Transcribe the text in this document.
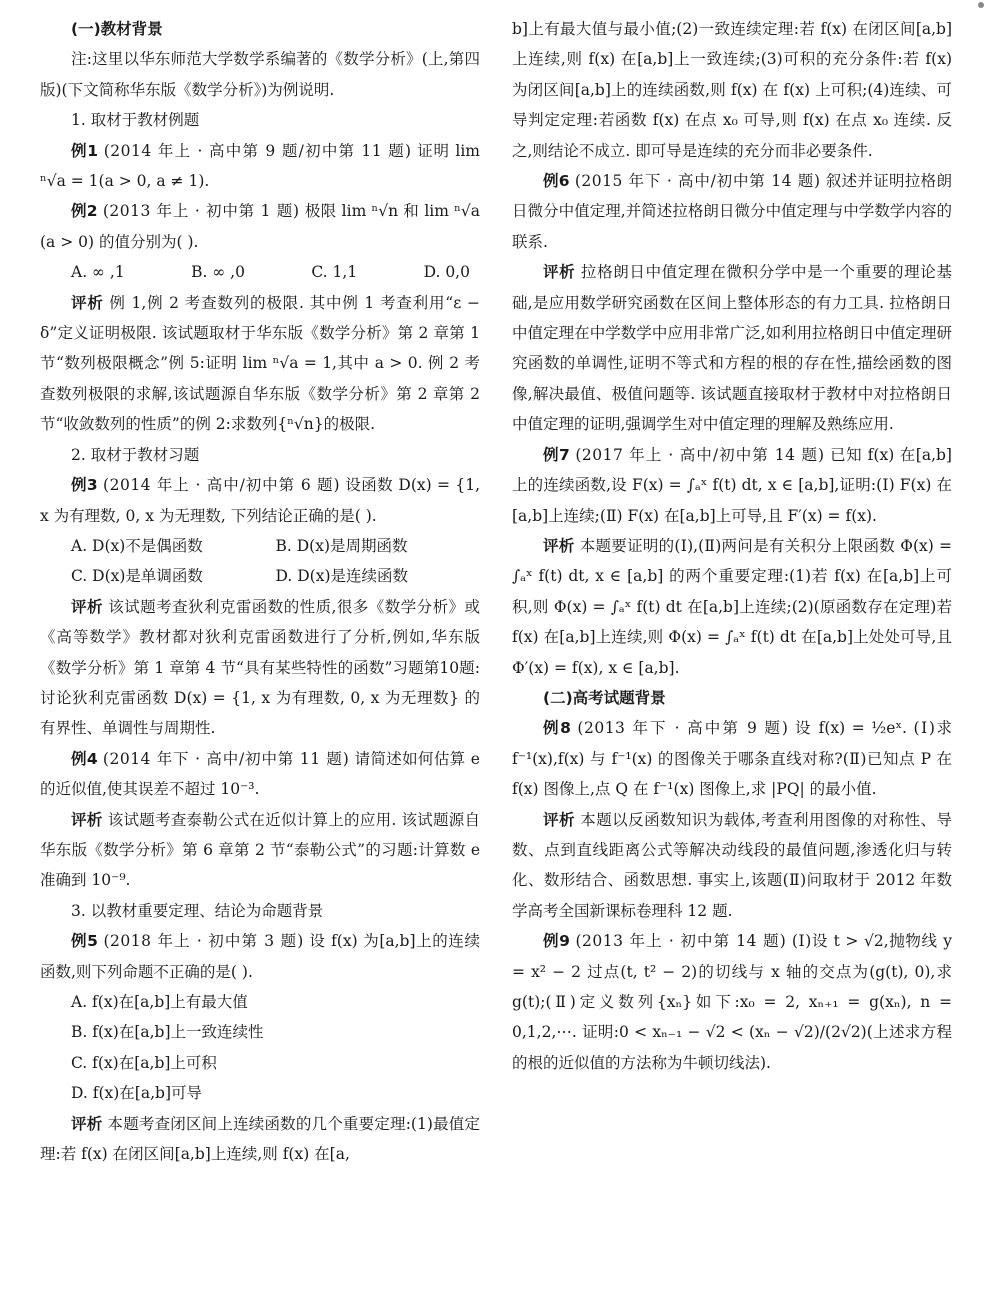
(一)教材背景

注:这里以华东师范大学数学系编著的《数学分析》(上,第四版)(下文简称华东版《数学分析》)为例说明.

1. 取材于教材例题

例1 (2014 年上 · 高中第 9 题/初中第 11 题) 证明 lim ⁿ√a = 1(a > 0, a ≠ 1).

例2 (2013 年上 · 初中第 1 题) 极限 lim ⁿ√n 和 lim ⁿ√a (a > 0) 的值分别为( ).

A. ∞ ,1	B. ∞ ,0	C. 1,1	D. 0,0

评析 例 1,例 2 考查数列的极限. 其中例 1 考查利用“ε − δ”定义证明极限. 该试题取材于华东版《数学分析》第 2 章第 1 节“数列极限概念”例 5:证明 lim ⁿ√a = 1,其中 a > 0. 例 2 考查数列极限的求解,该试题源自华东版《数学分析》第 2 章第 2 节“收敛数列的性质”的例 2:求数列{ⁿ√n}的极限.

2. 取材于教材习题

例3 (2014 年上 · 高中/初中第 6 题) 设函数 D(x) = {1, x 为有理数, 0, x 为无理数, 下列结论正确的是( ).

A. D(x)不是偶函数	B. D(x)是周期函数
C. D(x)是单调函数	D. D(x)是连续函数

评析 该试题考查狄利克雷函数的性质,很多《数学分析》或《高等数学》教材都对狄利克雷函数进行了分析,例如,华东版《数学分析》第 1 章第 4 节“具有某些特性的函数”习题第10题:讨论狄利克雷函数 D(x) = {1, x 为有理数, 0, x 为无理数} 的有界性、单调性与周期性.

例4 (2014 年下 · 高中/初中第 11 题) 请简述如何估算 e 的近似值,使其误差不超过 10⁻³.

评析 该试题考查泰勒公式在近似计算上的应用. 该试题源自华东版《数学分析》第 6 章第 2 节“泰勒公式”的习题:计算数 e 准确到 10⁻⁹.

3. 以教材重要定理、结论为命题背景

例5 (2018 年上 · 初中第 3 题) 设 f(x) 为[a,b]上的连续函数,则下列命题不正确的是( ).

A. f(x)在[a,b]上有最大值

B. f(x)在[a,b]上一致连续性

C. f(x)在[a,b]上可积

D. f(x)在[a,b]可导

评析 本题考查闭区间上连续函数的几个重要定理:(1)最值定理:若 f(x) 在闭区间[a,b]上连续,则 f(x) 在[a,

b]上有最大值与最小值;(2)一致连续定理:若 f(x) 在闭区间[a,b]上连续,则 f(x) 在[a,b]上一致连续;(3)可积的充分条件:若 f(x) 为闭区间[a,b]上的连续函数,则 f(x) 在 f(x) 上可积;(4)连续、可导判定定理:若函数 f(x) 在点 x₀ 可导,则 f(x) 在点 x₀ 连续. 反之,则结论不成立. 即可导是连续的充分而非必要条件.

例6 (2015 年下 · 高中/初中第 14 题) 叙述并证明拉格朗日微分中值定理,并简述拉格朗日微分中值定理与中学数学内容的联系.

评析 拉格朗日中值定理在微积分学中是一个重要的理论基础,是应用数学研究函数在区间上整体形态的有力工具. 拉格朗日中值定理在中学数学中应用非常广泛,如利用拉格朗日中值定理研究函数的单调性,证明不等式和方程的根的存在性,描绘函数的图像,解决最值、极值问题等. 该试题直接取材于教材中对拉格朗日中值定理的证明,强调学生对中值定理的理解及熟练应用.

例7 (2017 年上 · 高中/初中第 14 题) 已知 f(x) 在[a,b]上的连续函数,设 F(x) = ∫ₐˣ f(t) dt, x ∈ [a,b],证明:(Ⅰ) F(x) 在[a,b]上连续;(Ⅱ) F(x) 在[a,b]上可导,且 F′(x) = f(x).

评析 本题要证明的(Ⅰ),(Ⅱ)两问是有关积分上限函数 Φ(x) = ∫ₐˣ f(t) dt, x ∈ [a,b] 的两个重要定理:(1)若 f(x) 在[a,b]上可积,则 Φ(x) = ∫ₐˣ f(t) dt 在[a,b]上连续;(2)(原函数存在定理)若 f(x) 在[a,b]上连续,则 Φ(x) = ∫ₐˣ f(t) dt 在[a,b]上处处可导,且 Φ′(x) = f(x), x ∈ [a,b].

(二)高考试题背景

例8 (2013 年下 · 高中第 9 题) 设 f(x) = ½eˣ. (Ⅰ)求 f⁻¹(x),f(x) 与 f⁻¹(x) 的图像关于哪条直线对称?(Ⅱ)已知点 P 在 f(x) 图像上,点 Q 在 f⁻¹(x) 图像上,求 |PQ| 的最小值.

评析 本题以反函数知识为载体,考查利用图像的对称性、导数、点到直线距离公式等解决动线段的最值问题,渗透化归与转化、数形结合、函数思想. 事实上,该题(Ⅱ)问取材于 2012 年数学高考全国新课标卷理科 12 题.

例9 (2013 年上 · 初中第 14 题) (Ⅰ)设 t > √2,抛物线 y = x² − 2 过点(t, t² − 2)的切线与 x 轴的交点为(g(t), 0),求 g(t);(Ⅱ)定义数列{xₙ}如下:x₀ = 2, xₙ₊₁ = g(xₙ), n = 0,1,2,⋯. 证明:0 < xₙ₋₁ − √2 < (xₙ − √2)/(2√2)(上述求方程的根的近似值的方法称为牛顿切线法).
